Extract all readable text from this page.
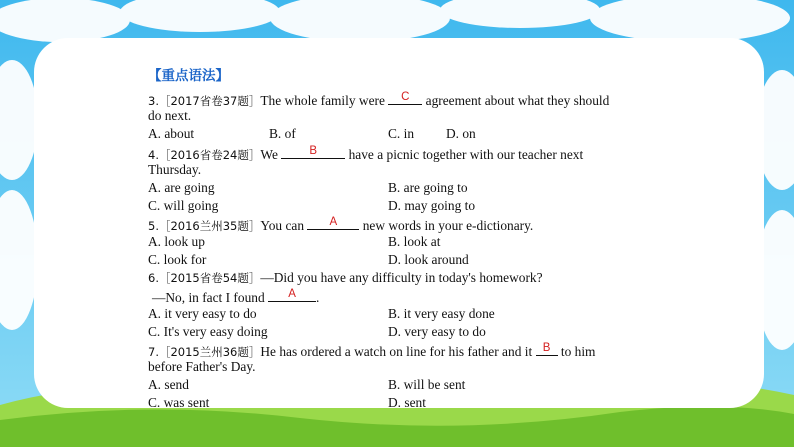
【重点语法】
3.［2017省卷37题］The whole family were	C agreement about what they should
do next.
A. about	B. of	C. in D. on
4.［2016省卷24题］We	B	have a picnic together with our teacher next
Thursday.
A. are going	B. are going to
C. will going	D. may going to
5.［2016兰州35题］You can	A	new words in your e-dictionary.
A. look up	B. look at
C. look for	D. look around
6.［2015省卷54题］—Did you have any difficulty in today's homework?
—No, in fact I found	A	.
A. it very easy to do	B. it very easy done
C. It's very easy doing	D. very easy to do
7.［2015兰州36题］He has ordered a watch on line for his father and it B to him
before Father's Day.
A. send	B. will be sent
C. was sent	D. sent
